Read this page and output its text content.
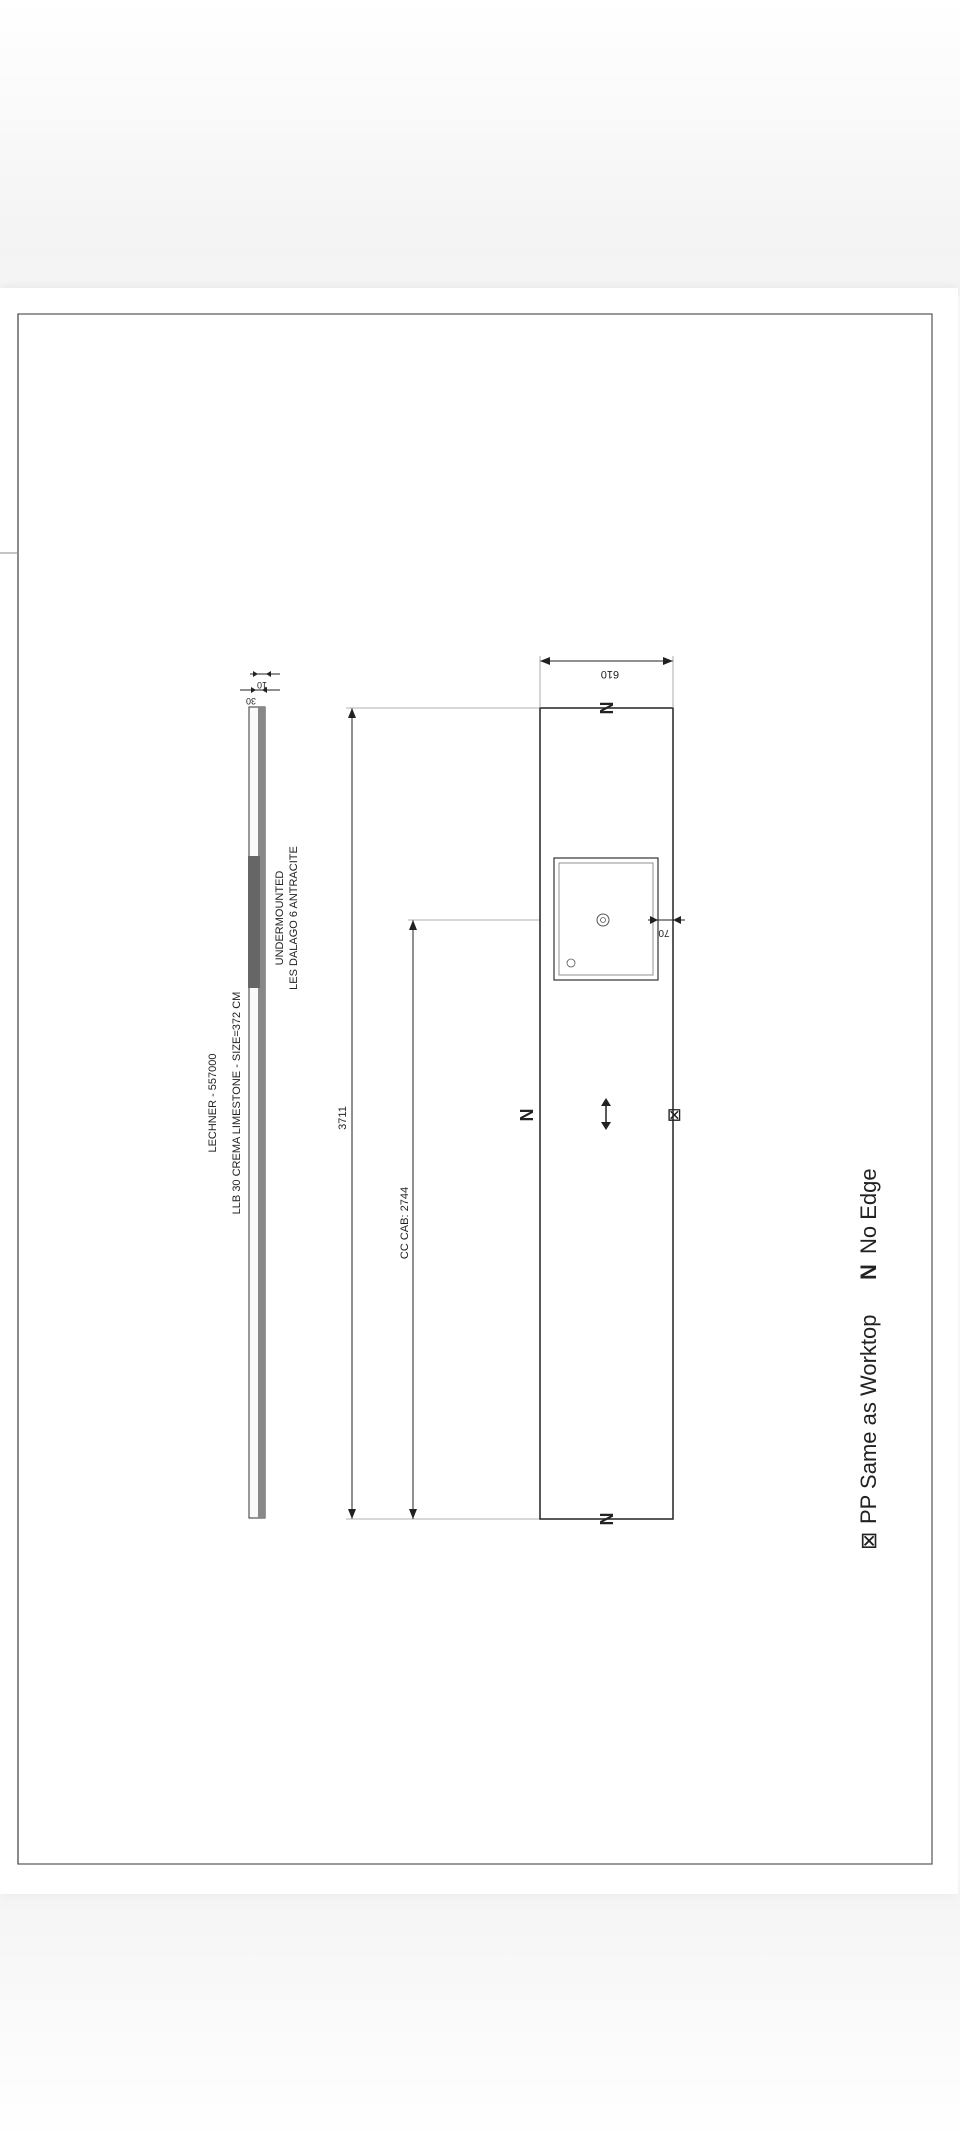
30
10
LECHNER - 557000 LLB 30 CREMA LIMESTONE - SIZE=372 CM
UNDERMOUNTED LES DALAGO 6 ANTRACITE
3711
CC CAB: 2744
610
70
N
N
N	⊠
⊠
PP Same as Worktop
N
No Edge
